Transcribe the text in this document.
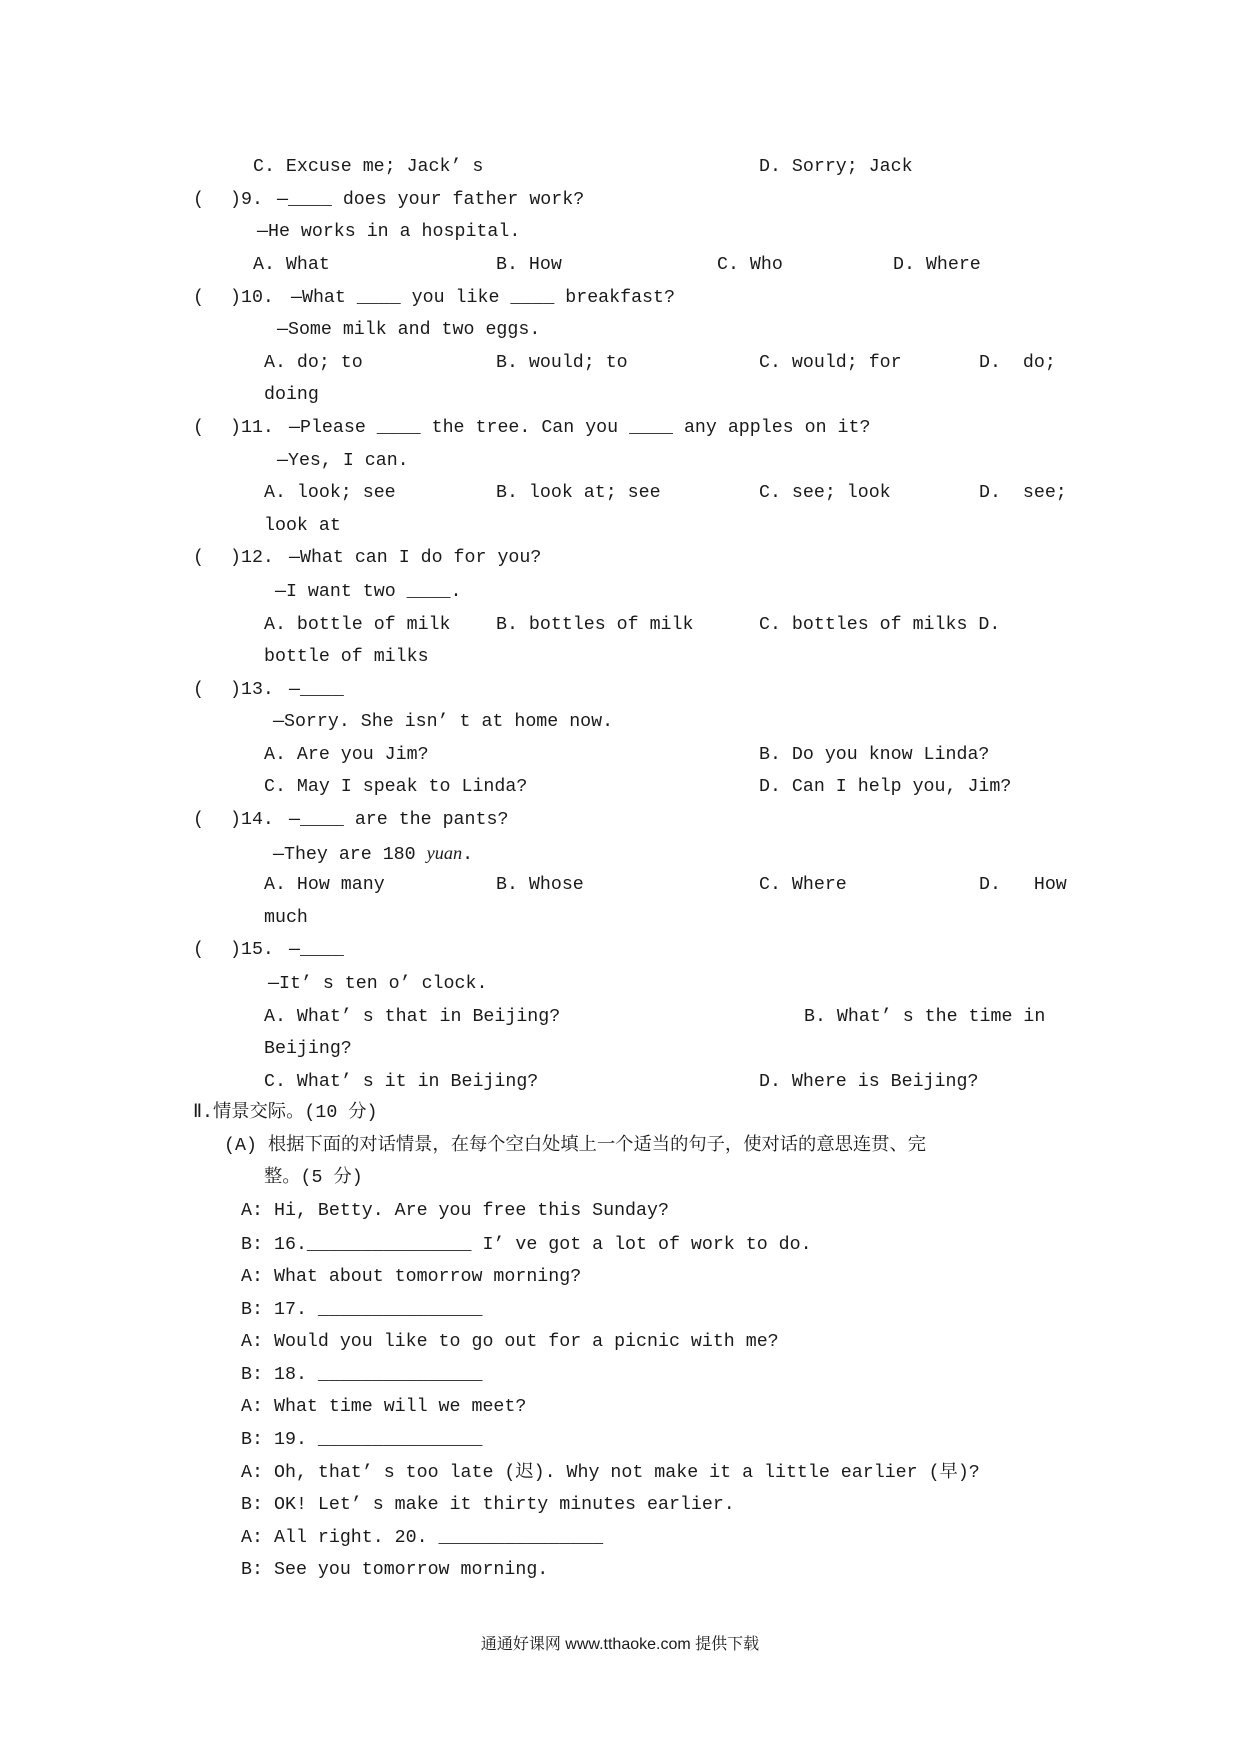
C. Excuse me; Jack’ s	D. Sorry; Jack
( )9. —____ does your father work?
—He works in a hospital.
A. What	B. How	C. Who	D. Where
( )10. —What ____ you like ____ breakfast?
—Some milk and two eggs.
A. do; to	B. would; to	C. would; for	D.  do;
doing
( )11. —Please ____ the tree. Can you ____ any apples on it?
—Yes, I can.
A. look; see	B. look at; see	C. see; look	D.  see;
look at
( )12. —What can I do for you?
—I want two ____.
A. bottle of milk B. bottles of milk	C. bottles of milks D.
bottle of milks
( )13. —____
—Sorry. She isn’ t at home now.
A. Are you Jim?	B. Do you know Linda?
C. May I speak to Linda?	D. Can I help you, Jim?
( )14. —____ are the pants?
—They are 180 yuan.
A. How many	B. Whose	C. Where	D.   How
much
( )15. —____
—It’ s ten o’ clock.
A. What’ s that in Beijing?	B. What’ s the time in
Beijing?
C. What’ s it in Beijing?	D. Where is Beijing?
Ⅱ.情景交际。(10 分)
(A) 根据下面的对话情景，在每个空白处填上一个适当的句子，使对话的意思连贯、完
整。(5 分)
A: Hi, Betty. Are you free this Sunday?
B: 16._______________ I’ ve got a lot of work to do.
A: What about tomorrow morning?
B: 17. _______________
A: Would you like to go out for a picnic with me?
B: 18. _______________
A: What time will we meet?
B: 19. _______________
A: Oh, that’ s too late (迟). Why not make it a little earlier (早)?
B: OK! Let’ s make it thirty minutes earlier.
A: All right. 20. _______________
B: See you tomorrow morning.
通通好课网 www.tthaoke.com 提供下载
